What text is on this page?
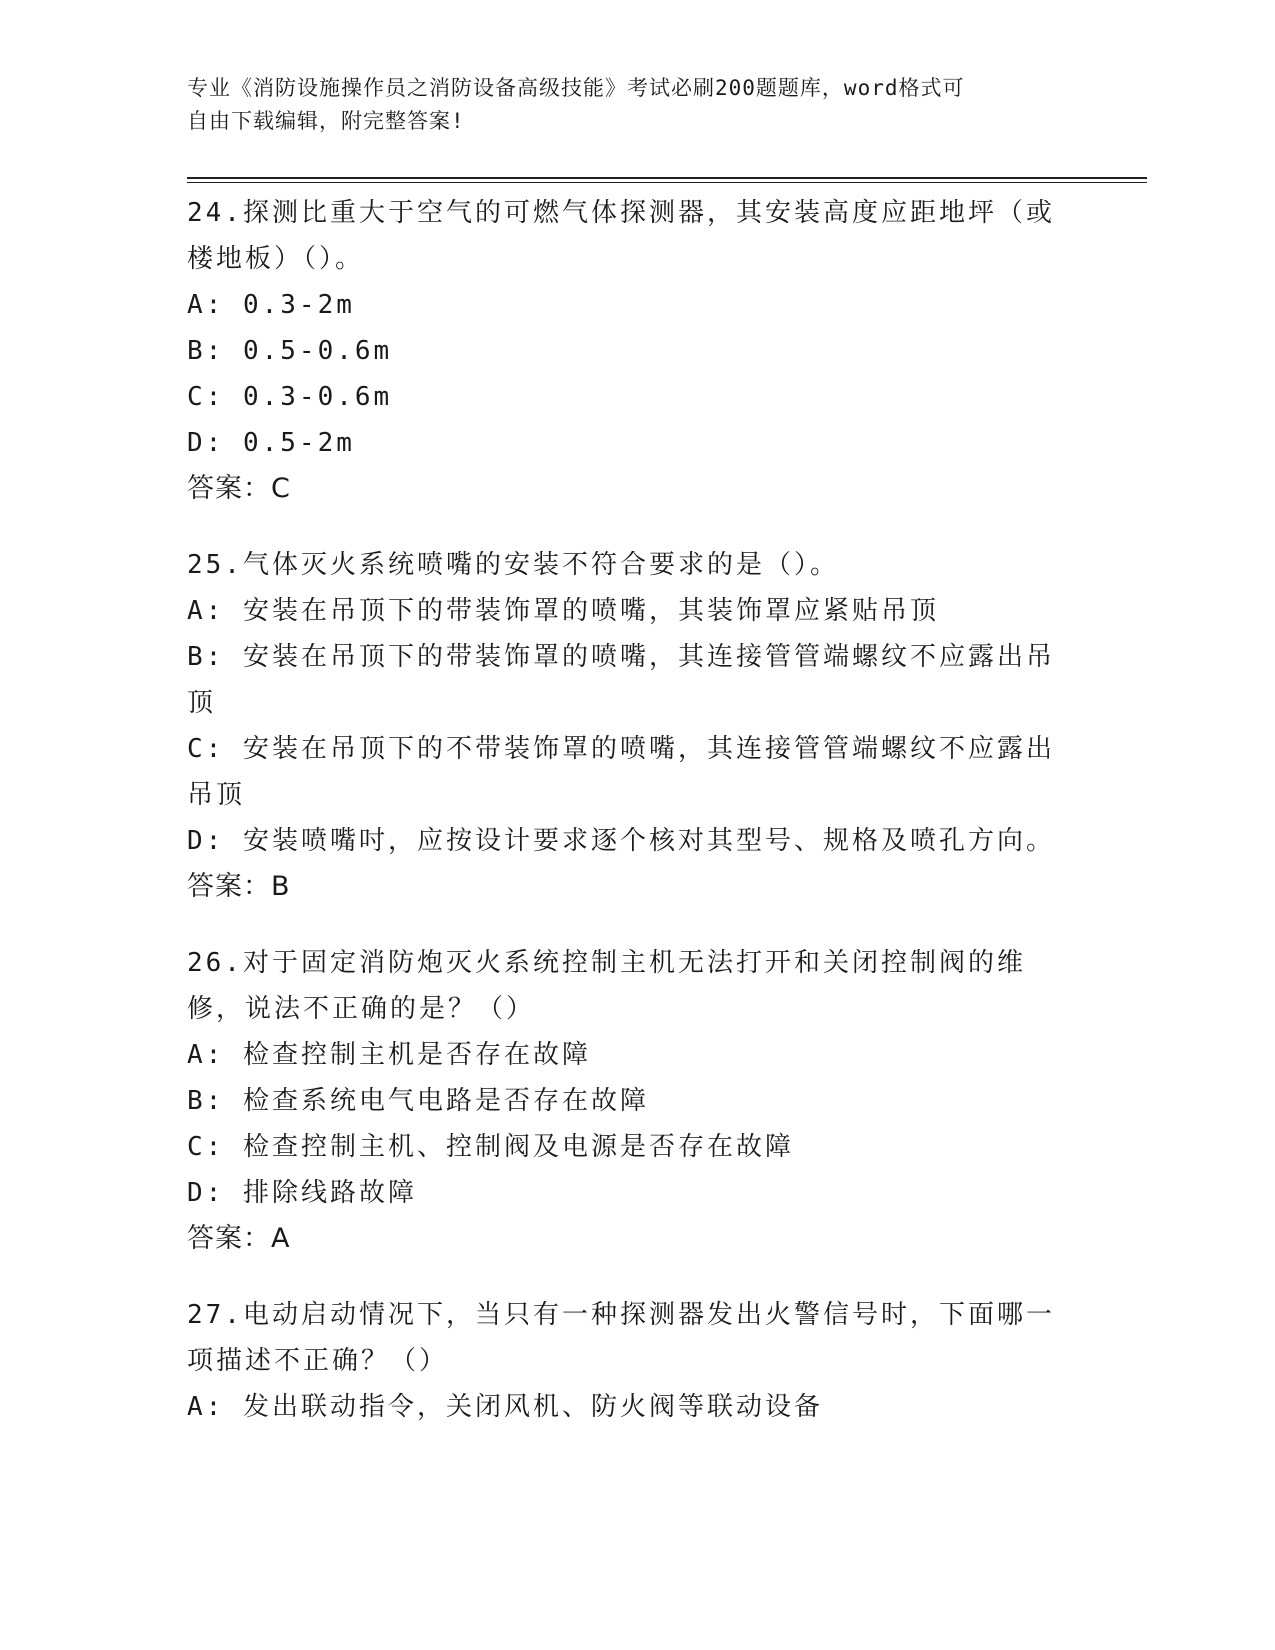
专业《消防设施操作员之消防设备高级技能》考试必刷200题题库，word格式可
自由下载编辑，附完整答案!
24.探测比重大于空气的可燃气体探测器，其安装高度应距地坪（或楼地板）（）。
A: 0.3-2m
B: 0.5-0.6m
C: 0.3-0.6m
D: 0.5-2m
答案：C
25.气体灭火系统喷嘴的安装不符合要求的是（）。
A: 安装在吊顶下的带装饰罩的喷嘴，其装饰罩应紧贴吊顶
B: 安装在吊顶下的带装饰罩的喷嘴，其连接管管端螺纹不应露出吊顶
C: 安装在吊顶下的不带装饰罩的喷嘴，其连接管管端螺纹不应露出吊顶
D: 安装喷嘴吋，应按设计要求逐个核对其型号、规格及喷孔方向。
答案：B
26.对于固定消防炮灭火系统控制主机无法打开和关闭控制阀的维修，说法不正确的是？（）
A: 检查控制主机是否存在故障
B: 检查系统电气电路是否存在故障
C: 检查控制主机、控制阀及电源是否存在故障
D: 排除线路故障
答案：A
27.电动启动情况下，当只有一种探测器发出火警信号时，下面哪一项描述不正确？（）
A: 发出联动指令，关闭风机、防火阀等联动设备
